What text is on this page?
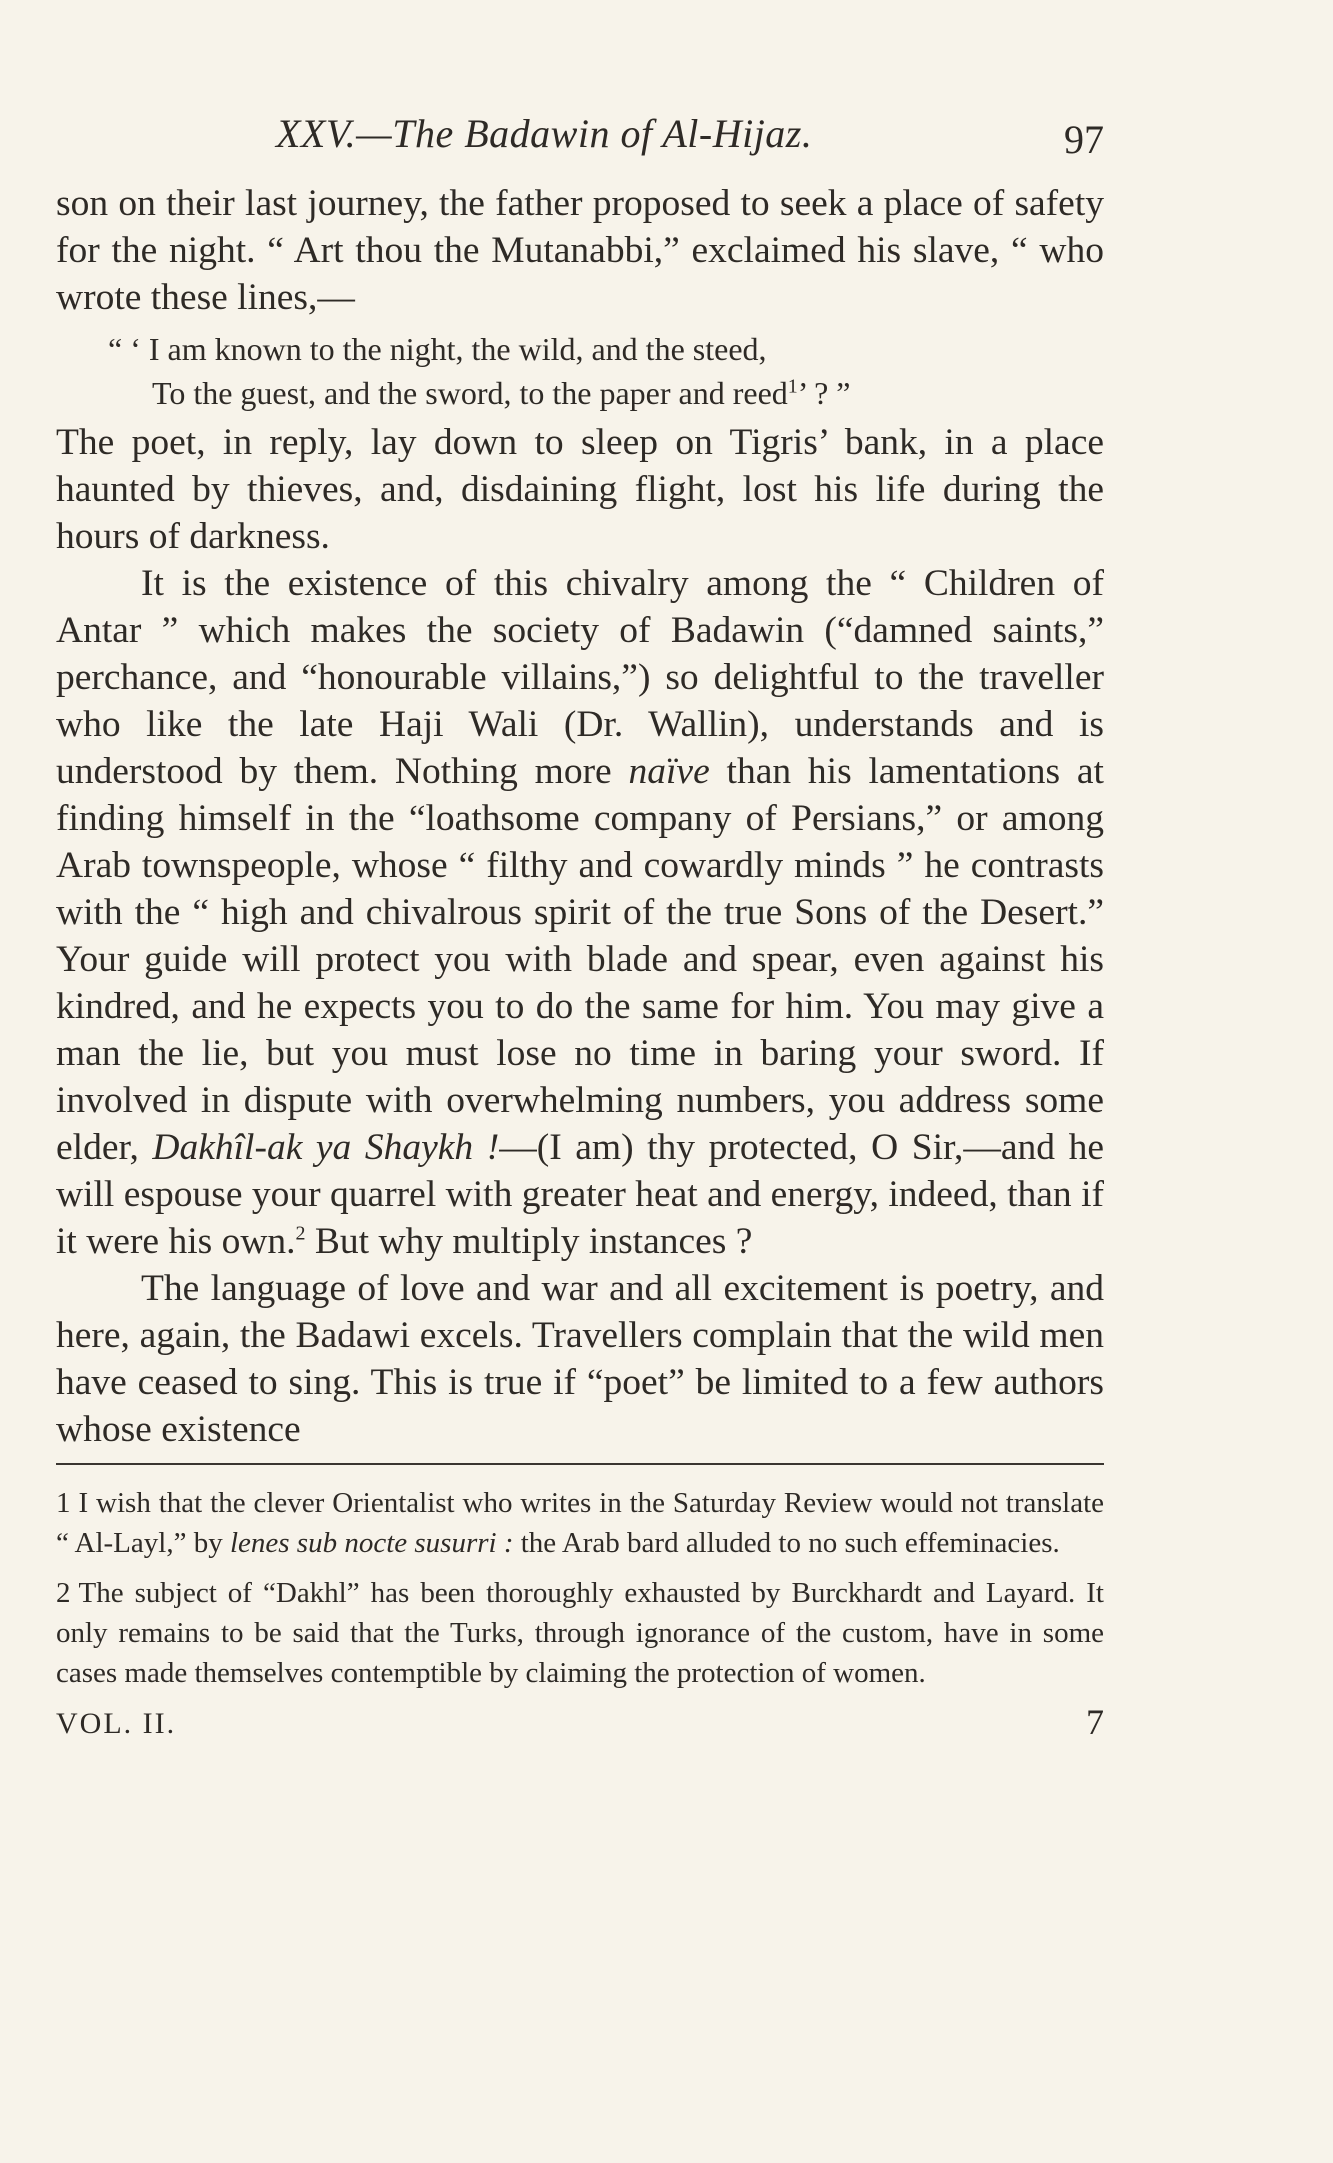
XXV.—The Badawin of Al-Hijaz.	97

son on their last journey, the father proposed to seek a place of safety for the night. “ Art thou the Mutanabbi,” exclaimed his slave, “ who wrote these lines,—

“ ‘ I am known to the night, the wild, and the steed,
To the guest, and the sword, to the paper and reed$^1$’ ? ”

The poet, in reply, lay down to sleep on Tigris’ bank, in a place haunted by thieves, and, disdaining flight, lost his life during the hours of darkness.

It is the existence of this chivalry among the “ Children of Antar ” which makes the society of Badawin (“damned saints,” perchance, and “honourable villains,”) so delightful to the traveller who like the late Haji Wali (Dr. Wallin), understands and is understood by them. Nothing more naïve than his lamentations at finding himself in the “loathsome company of Persians,” or among Arab townspeople, whose “ filthy and cowardly minds ” he contrasts with the “ high and chivalrous spirit of the true Sons of the Desert.” Your guide will protect you with blade and spear, even against his kindred, and he expects you to do the same for him. You may give a man the lie, but you must lose no time in baring your sword. If involved in dispute with overwhelming numbers, you address some elder, Dakhîl-ak ya Shaykh !—(I am) thy protected, O Sir,—and he will espouse your quarrel with greater heat and energy, indeed, than if it were his own.$^2$ But why multiply instances ?

The language of love and war and all excitement is poetry, and here, again, the Badawi excels. Travellers complain that the wild men have ceased to sing. This is true if “poet” be limited to a few authors whose existence

1 I wish that the clever Orientalist who writes in the Saturday Review would not translate “ Al-Layl,” by lenes sub nocte susurri : the Arab bard alluded to no such effeminacies.

2 The subject of “Dakhl” has been thoroughly exhausted by Burckhardt and Layard. It only remains to be said that the Turks, through ignorance of the custom, have in some cases made themselves contemptible by claiming the protection of women.

VOL. II.	7
